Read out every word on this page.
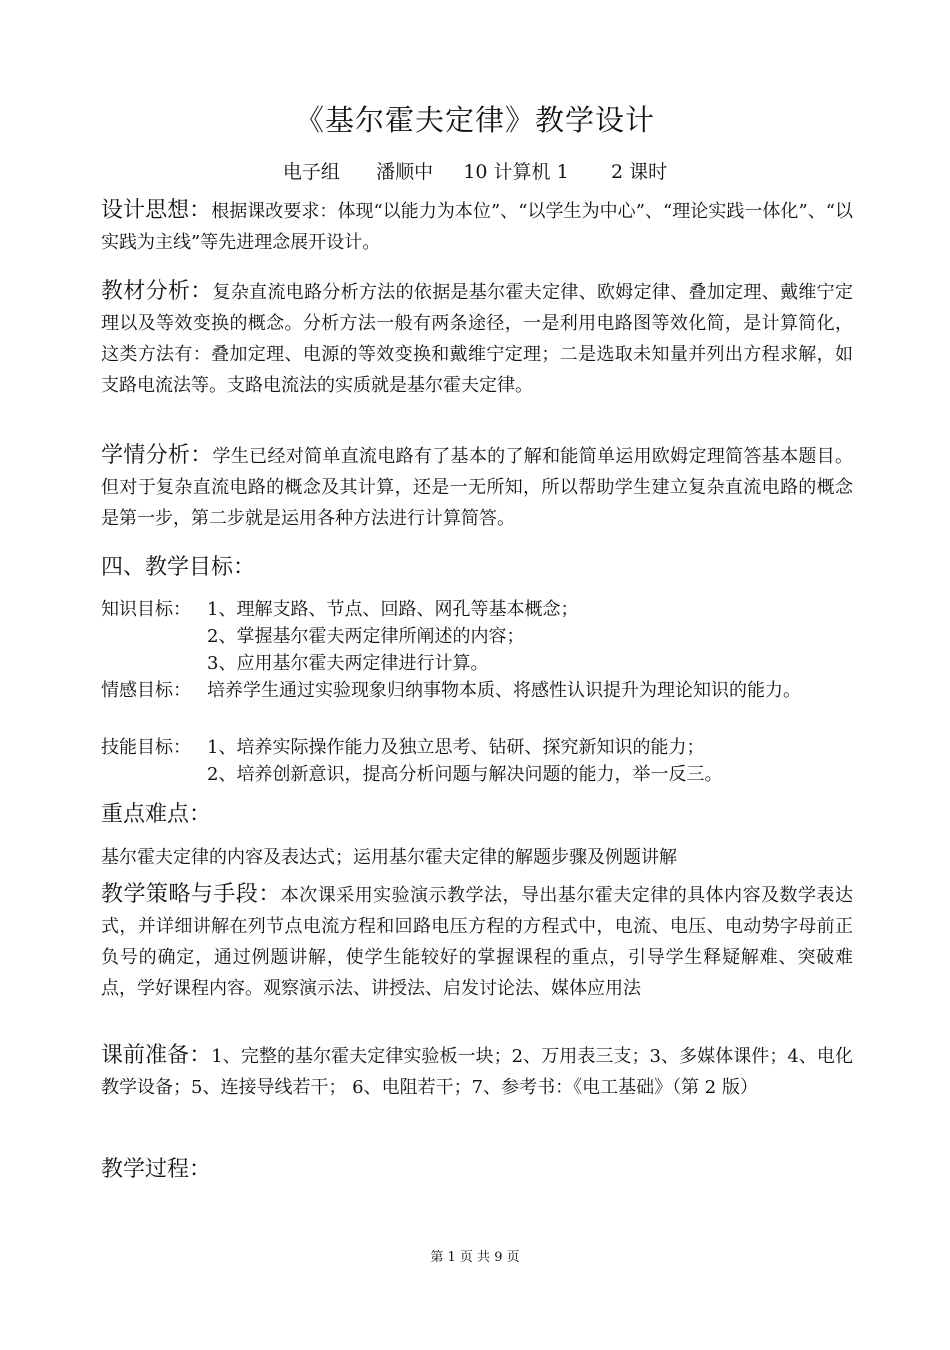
《基尔霍夫定律》教学设计
电子组      潘顺中     10 计算机 1       2 课时
设计思想：根据课改要求：体现“以能力为本位”、“以学生为中心”、“理论实践一体化”、“以实践为主线”等先进理念展开设计。
教材分析：复杂直流电路分析方法的依据是基尔霍夫定律、欧姆定律、叠加定理、戴维宁定理以及等效变换的概念。分析方法一般有两条途径，一是利用电路图等效化简，是计算简化，这类方法有：叠加定理、电源的等效变换和戴维宁定理；二是选取未知量并列出方程求解，如支路电流法等。支路电流法的实质就是基尔霍夫定律。
学情分析：学生已经对简单直流电路有了基本的了解和能简单运用欧姆定理简答基本题目。但对于复杂直流电路的概念及其计算，还是一无所知，所以帮助学生建立复杂直流电路的概念是第一步，第二步就是运用各种方法进行计算简答。
四、教学目标：
知识目标： 1、理解支路、节点、回路、网孔等基本概念；
2、掌握基尔霍夫两定律所阐述的内容；
3、应用基尔霍夫两定律进行计算。
情感目标： 培养学生通过实验现象归纳事物本质、将感性认识提升为理论知识的能力。
技能目标： 1、培养实际操作能力及独立思考、钻研、探究新知识的能力；
2、培养创新意识，提高分析问题与解决问题的能力，举一反三。
重点难点：
基尔霍夫定律的内容及表达式；运用基尔霍夫定律的解题步骤及例题讲解
教学策略与手段：本次课采用实验演示教学法，导出基尔霍夫定律的具体内容及数学表达式，并详细讲解在列节点电流方程和回路电压方程的方程式中，电流、电压、电动势字母前正负号的确定，通过例题讲解，使学生能较好的掌握课程的重点，引导学生释疑解难、突破难点，学好课程内容。观察演示法、讲授法、启发讨论法、媒体应用法
课前准备：1、完整的基尔霍夫定律实验板一块；2、万用表三支；3、多媒体课件；4、电化教学设备；5、连接导线若干； 6、电阻若干；7、参考书：《电工基础》（第 2 版）
教学过程：
第 1 页 共 9 页
